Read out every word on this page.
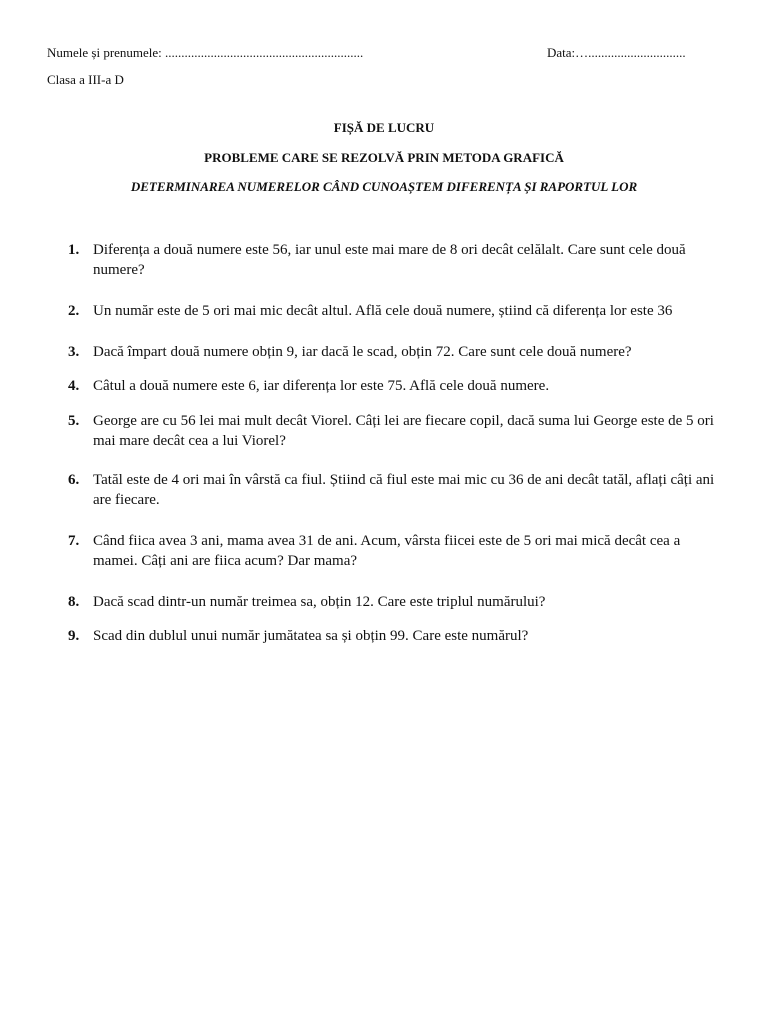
Numele și prenumele: .............................................................	Data:…..............................
Clasa a III-a D
FIȘĂ DE LUCRU
PROBLEME CARE SE REZOLVĂ PRIN METODA GRAFICĂ
DETERMINAREA NUMERELOR CÂND CUNOAȘTEM DIFERENȚA ȘI RAPORTUL LOR
1. Diferența a două numere este 56, iar unul este mai mare de 8 ori decât celălalt. Care sunt cele două numere?
2. Un număr este de 5 ori mai mic decât altul. Află cele două numere, știind că diferența lor este 36
3. Dacă împart două numere obțin 9, iar dacă le scad, obțin 72. Care sunt cele două numere?
4. Câtul a două numere este 6, iar diferența lor este 75. Află cele două numere.
5. George are cu 56 lei mai mult decât Viorel. Câți lei are fiecare copil, dacă suma lui George este de 5 ori mai mare decât cea a lui Viorel?
6. Tatăl este de 4 ori mai în vârstă ca fiul. Știind că fiul este mai mic cu 36 de ani decât tatăl, aflați câți ani are fiecare.
7. Când fiica avea 3 ani, mama avea 31 de ani. Acum, vârsta fiicei este de 5 ori mai mică decât cea a mamei. Câți ani are fiica acum? Dar mama?
8. Dacă scad dintr-un număr treimea sa, obțin 12. Care este triplul numărului?
9. Scad din dublul unui număr jumătatea sa și obțin 99. Care este numărul?
